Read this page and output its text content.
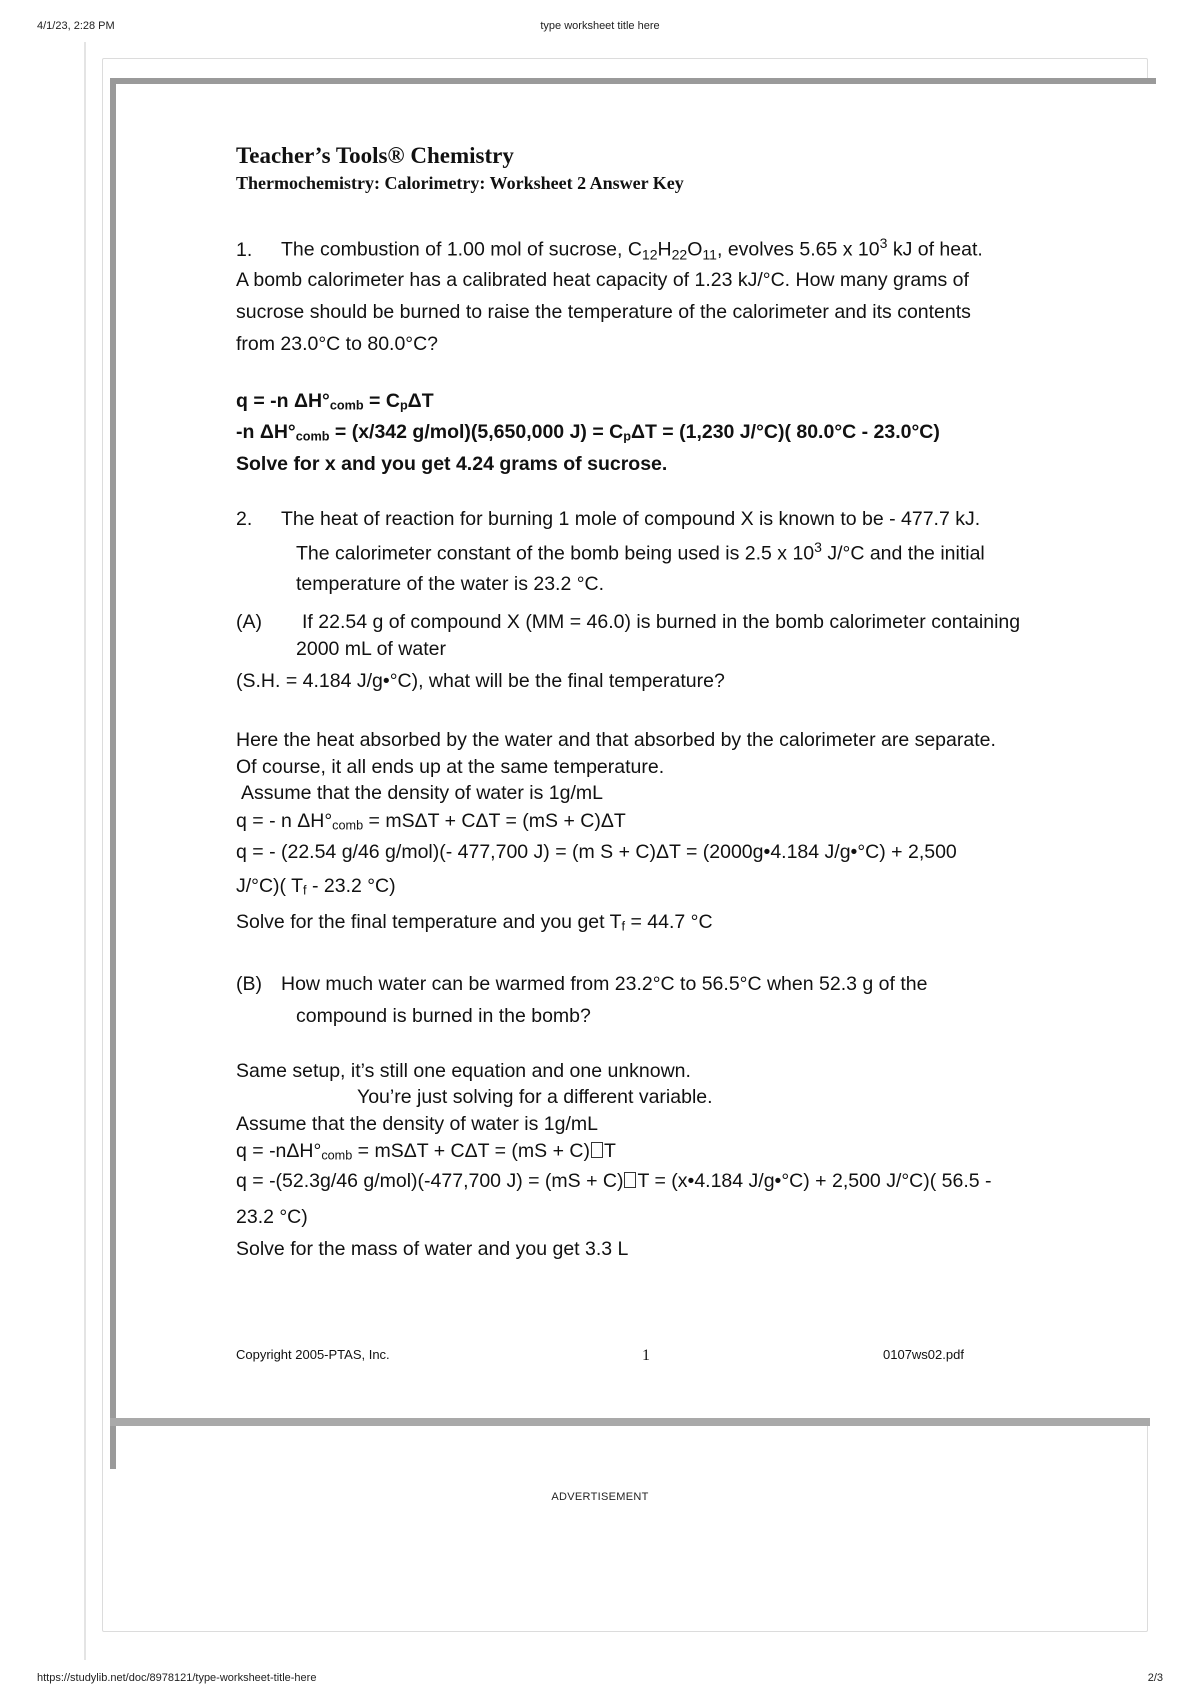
4/1/23, 2:28 PM	type worksheet title here
Teacher’s Tools® Chemistry
Thermochemistry: Calorimetry: Worksheet 2 Answer Key
1. The combustion of 1.00 mol of sucrose, $C_{12}H_{22}O_{11}$, evolves 5.65 x $10^3$ kJ of heat.
A bomb calorimeter has a calibrated heat capacity of 1.23 kJ/°C. How many grams of
sucrose should be burned to raise the temperature of the calorimeter and its contents
from 23.0°C to 80.0°C?
q = -n ΔH°comb = CpΔT
-n ΔH°comb = (x/342 g/mol)(5,650,000 J) = CpΔT = (1,230 J/°C)( 80.0°C - 23.0°C)
Solve for x and you get 4.24 grams of sucrose.
2. The heat of reaction for burning 1 mole of compound X is known to be - 477.7 kJ.
The calorimeter constant of the bomb being used is 2.5 x $10^3$ J/°C and the initial
temperature of the water is 23.2 °C.
(A) If 22.54 g of compound X (MM = 46.0) is burned in the bomb calorimeter containing
2000 mL of water
(S.H. = 4.184 J/g•°C), what will be the final temperature?
Here the heat absorbed by the water and that absorbed by the calorimeter are separate.
Of course, it all ends up at the same temperature.
Assume that the density of water is 1g/mL
q = - n ΔH°comb = mSΔT + CΔT = (mS + C)ΔT
q = - (22.54 g/46 g/mol)(- 477,700 J) = (m S + C)ΔT = (2000g•4.184 J/g•°C) + 2,500
J/°C)( Tf - 23.2 °C)
Solve for the final temperature and you get Tf = 44.7 °C
(B) How much water can be warmed from 23.2°C to 56.5°C when 52.3 g of the
compound is burned in the bomb?
Same setup, it’s still one equation and one unknown.
You’re just solving for a different variable.
Assume that the density of water is 1g/mL
q = -nΔH°comb = mSΔT + CΔT = (mS + C) T
q = -(52.3g/46 g/mol)(-477,700 J) = (mS + C) T = (x•4.184 J/g•°C) + 2,500 J/°C)( 56.5 -
23.2 °C)
Solve for the mass of water and you get 3.3 L
Copyright 2005-PTAS, Inc.	1	0107ws02.pdf
ADVERTISEMENT
https://studylib.net/doc/8978121/type-worksheet-title-here	2/3
